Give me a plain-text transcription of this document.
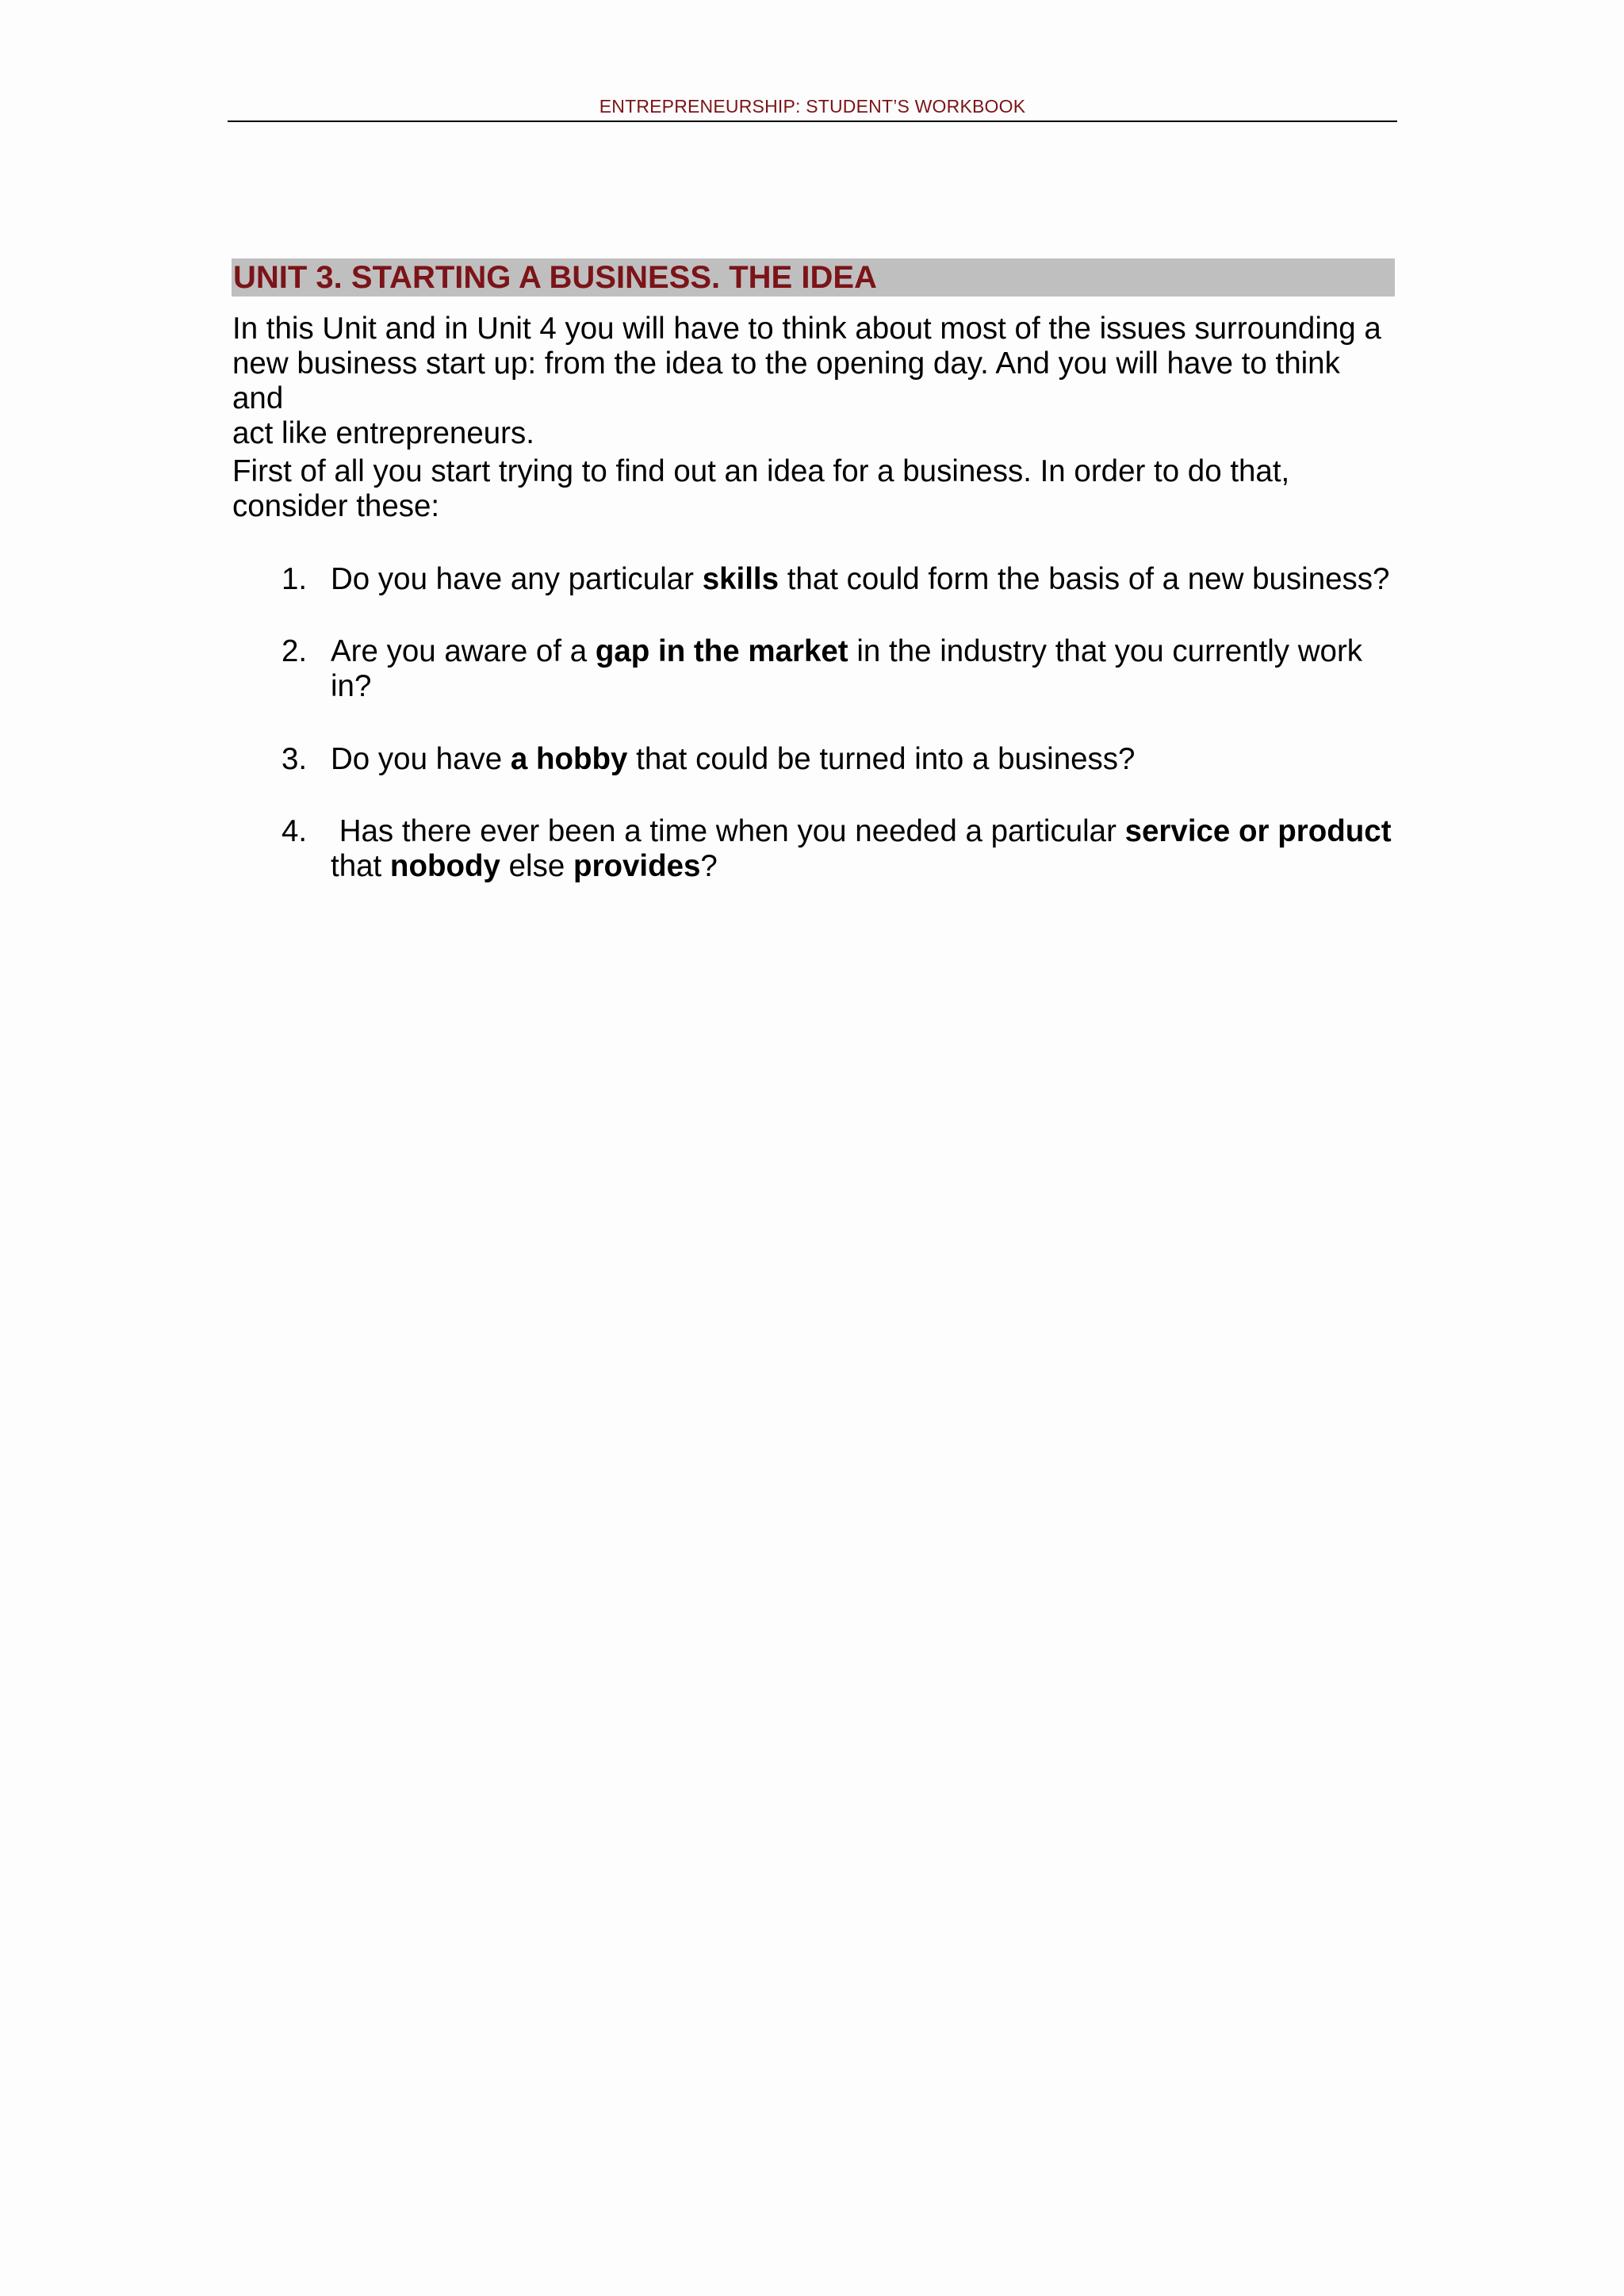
ENTREPRENEURSHIP: STUDENT’S WORKBOOK
UNIT 3. STARTING A BUSINESS. THE IDEA
In this Unit and in Unit 4 you will have to think about most of the issues surrounding a
new business start up: from the idea to the opening day. And you will have to think and
act like entrepreneurs.
First of all you start trying to find out an idea for a business. In order to do that,
consider these:
1. Do you have any particular skills that could form the basis of a new business?
2. Are you aware of a gap in the market in the industry that you currently work
in?
3. Do you have a hobby that could be turned into a business?
4. Has there ever been a time when you needed a particular service or product
that nobody else provides?
